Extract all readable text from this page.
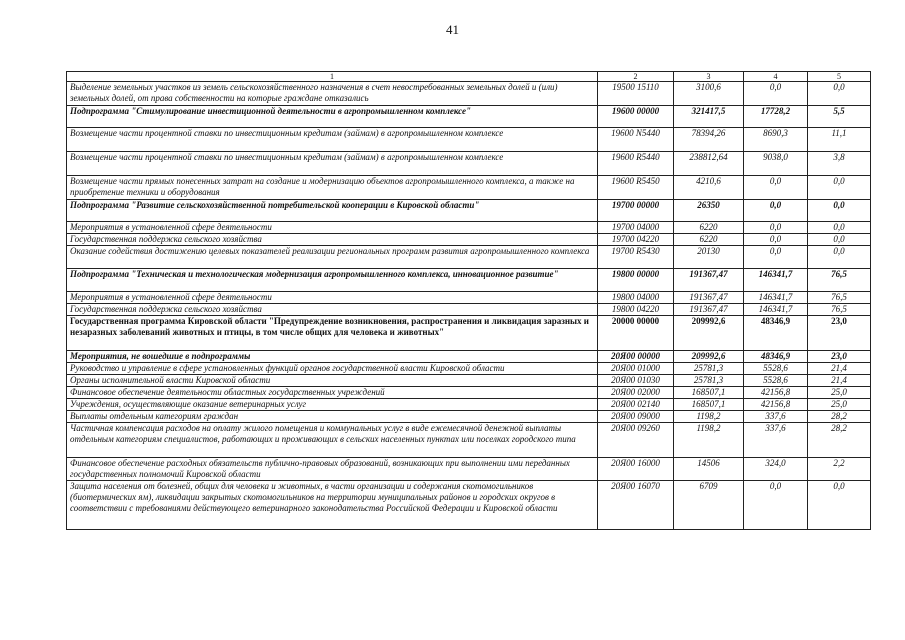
41
1	2	3	4	5
Выделение земельных участков из земель сельскохозяйственного назначения в счет невостребованных земельных долей и (или) земельных долей, от права собственности на которые граждане отказались	19500 15110	3100,6	0,0	0,0
Подпрограмма "Стимулирование инвестиционной деятельности в агропромышленном комплексе"	19600 00000	321417,5	17728,2	5,5
Возмещение части процентной ставки по инвестиционным кредитам (займам) в агропромышленном комплексе	19600 N5440	78394,26	8690,3	11,1
Возмещение части процентной ставки по инвестиционным кредитам (займам) в агропромышленном комплексе	19600 R5440	238812,64	9038,0	3,8
Возмещение части прямых понесенных затрат на создание и модернизацию объектов агропромышленного комплекса, а также на приобретение техники и оборудования	19600 R5450	4210,6	0,0	0,0
Подпрограмма "Развитие сельскохозяйственной потребительской кооперации в Кировской области"	19700 00000	26350	0,0	0,0
Мероприятия в установленной сфере деятельности	19700 04000	6220	0,0	0,0
Государственная поддержка сельского хозяйства	19700 04220	6220	0,0	0,0
Оказание содействия достижению целевых показателей реализации региональных программ развития агропромышленного комплекса	19700 R5430	20130	0,0	0,0
Подпрограмма "Техническая и технологическая модернизация агропромышленного комплекса, инновационное развитие"	19800 00000	191367,47	146341,7	76,5
Мероприятия в установленной сфере деятельности	19800 04000	191367,47	146341,7	76,5
Государственная поддержка сельского хозяйства	19800 04220	191367,47	146341,7	76,5
Государственная программа Кировской области "Предупреждение возникновения, распространения и ликвидация заразных и незаразных заболеваний животных и птицы, в том числе общих для человека и животных"	20000 00000	209992,6	48346,9	23,0
Мероприятия, не вошедшие в подпрограммы	20Я00 00000	209992,6	48346,9	23,0
Руководство и управление в сфере установленных функций органов государственной власти Кировской области	20Я00 01000	25781,3	5528,6	21,4
Органы исполнительной власти Кировской области	20Я00 01030	25781,3	5528,6	21,4
Финансовое обеспечение деятельности областных государственных учреждений	20Я00 02000	168507,1	42156,8	25,0
Учреждения, осуществляющие оказание ветеринарных услуг	20Я00 02140	168507,1	42156,8	25,0
Выплаты отдельным категориям граждан	20Я00 09000	1198,2	337,6	28,2
Частичная компенсация расходов на оплату жилого помещения и коммунальных услуг в виде ежемесячной денежной выплаты отдельным категориям специалистов, работающих и проживающих в сельских населенных пунктах или поселках городского типа	20Я00 09260	1198,2	337,6	28,2
Финансовое обеспечение расходных обязательств публично-правовых образований, возникающих при выполнении ими переданных государственных полномочий Кировской области	20Я00 16000	14506	324,0	2,2
Защита населения от болезней, общих для человека и животных, в части организации и содержания скотомогильников (биотермических ям), ликвидации закрытых скотомогильников на территории муниципальных районов и городских округов в соответствии с требованиями действующего ветеринарного законодательства Российской Федерации и Кировской области	20Я00 16070	6709	0,0	0,0
